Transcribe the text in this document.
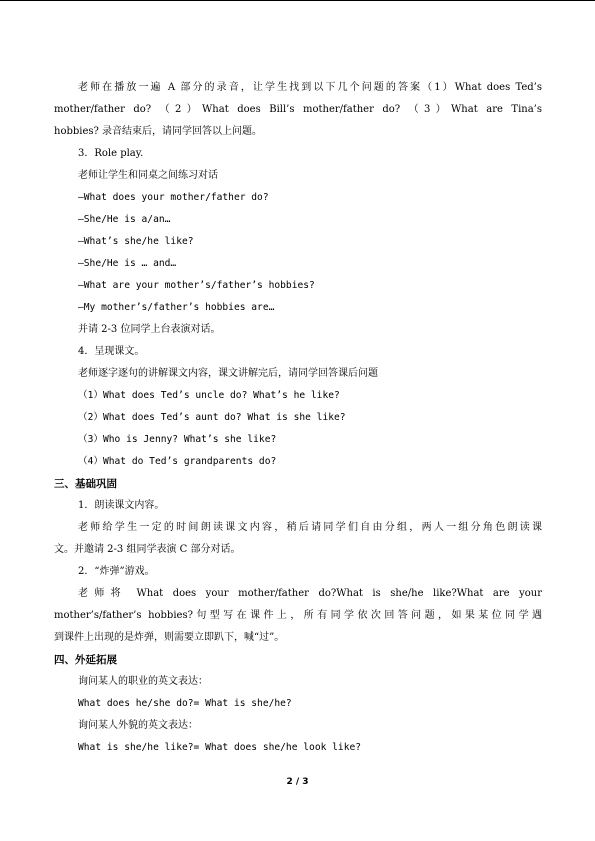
老师在播放一遍 A 部分的录音，让学生找到以下几个问题的答案（1）What does Ted’s
mother/father do? （2）What does Bill’s mother/father do? （3）What are Tina’s
hobbies? 录音结束后，请同学回答以上问题。
3．Role play.
老师让学生和同桌之间练习对话
—What does your mother/father do?
—She/He is a/an…
—What’s she/he like?
—She/He is … and…
—What are your mother’s/father’s hobbies?
—My mother’s/father’s hobbies are…
并请 2-3 位同学上台表演对话。
4．呈现课文。
老师逐字逐句的讲解课文内容，课文讲解完后，请同学回答课后问题
（1）What does Ted’s uncle do? What’s he like?
（2）What does Ted’s aunt do? What is she like?
（3）Who is Jenny? What’s she like?
（4）What do Ted’s grandparents do?
三、基础巩固
1．朗读课文内容。
老师给学生一定的时间朗读课文内容，稍后请同学们自由分组，两人一组分角色朗读课
文。并邀请 2-3 组同学表演 C 部分对话。
2．“炸弹”游戏。
老师将 What does your mother/father do?What is she/he like?What are your
mother’s/father’s hobbies?句型写在课件上，所有同学依次回答问题，如果某位同学遇
到课件上出现的是炸弹，则需要立即趴下，喊“过”。
四、外延拓展
询问某人的职业的英文表达：
What does he/she do?= What is she/he?
询问某人外貌的英文表达：
What is she/he like?= What does she/he look like?
2 / 3
